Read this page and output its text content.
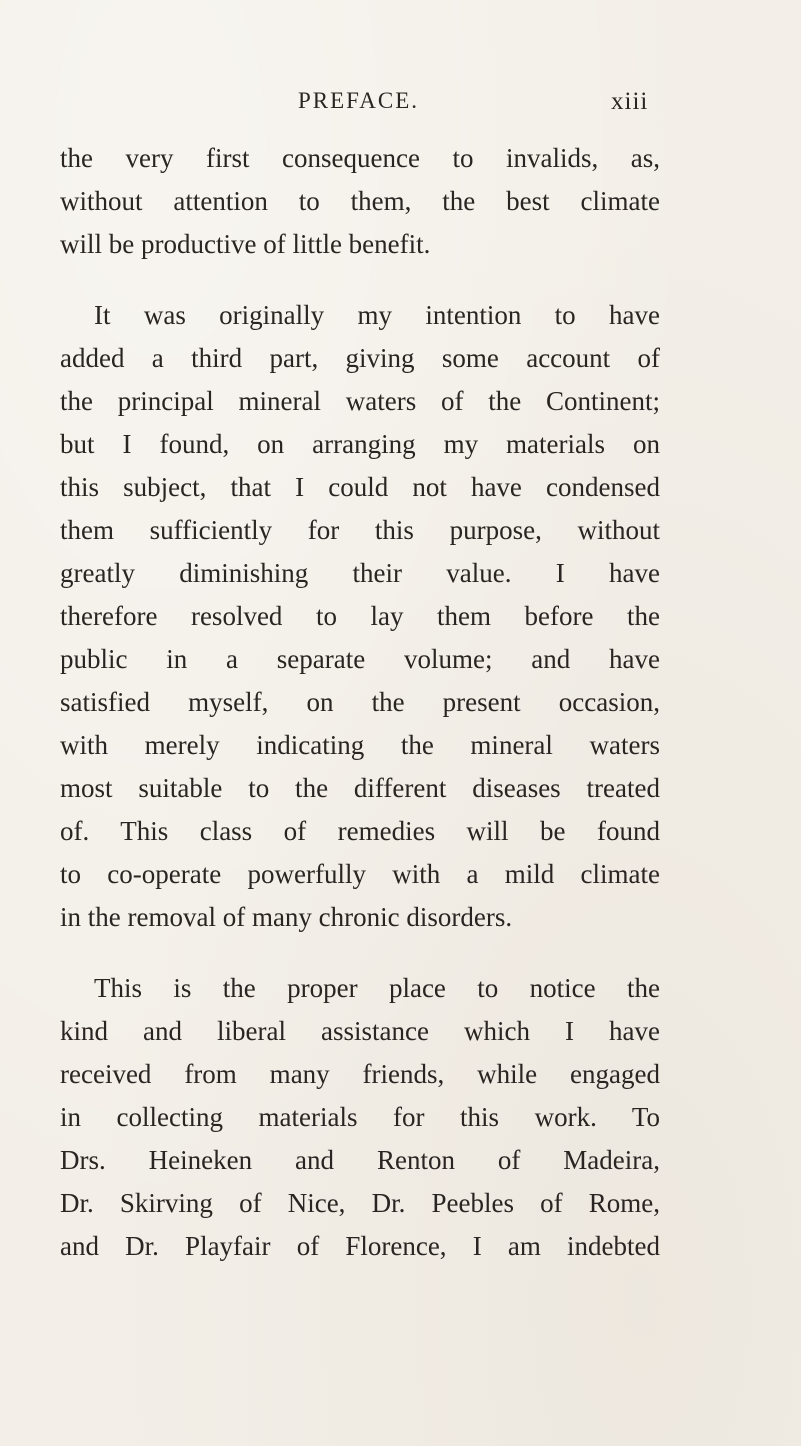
PREFACE.	xiii
the very first consequence to invalids, as,
without attention to them, the best climate
will be productive of little benefit.
It was originally my intention to have
added a third part, giving some account of
the principal mineral waters of the Continent;
but I found, on arranging my materials on
this subject, that I could not have condensed
them sufficiently for this purpose, without
greatly diminishing their value. I have
therefore resolved to lay them before the
public in a separate volume; and have
satisfied myself, on the present occasion,
with merely indicating the mineral waters
most suitable to the different diseases treated
of. This class of remedies will be found
to co-operate powerfully with a mild climate
in the removal of many chronic disorders.
This is the proper place to notice the
kind and liberal assistance which I have
received from many friends, while engaged
in collecting materials for this work. To
Drs. Heineken and Renton of Madeira,
Dr. Skirving of Nice, Dr. Peebles of Rome,
and Dr. Playfair of Florence, I am indebted
